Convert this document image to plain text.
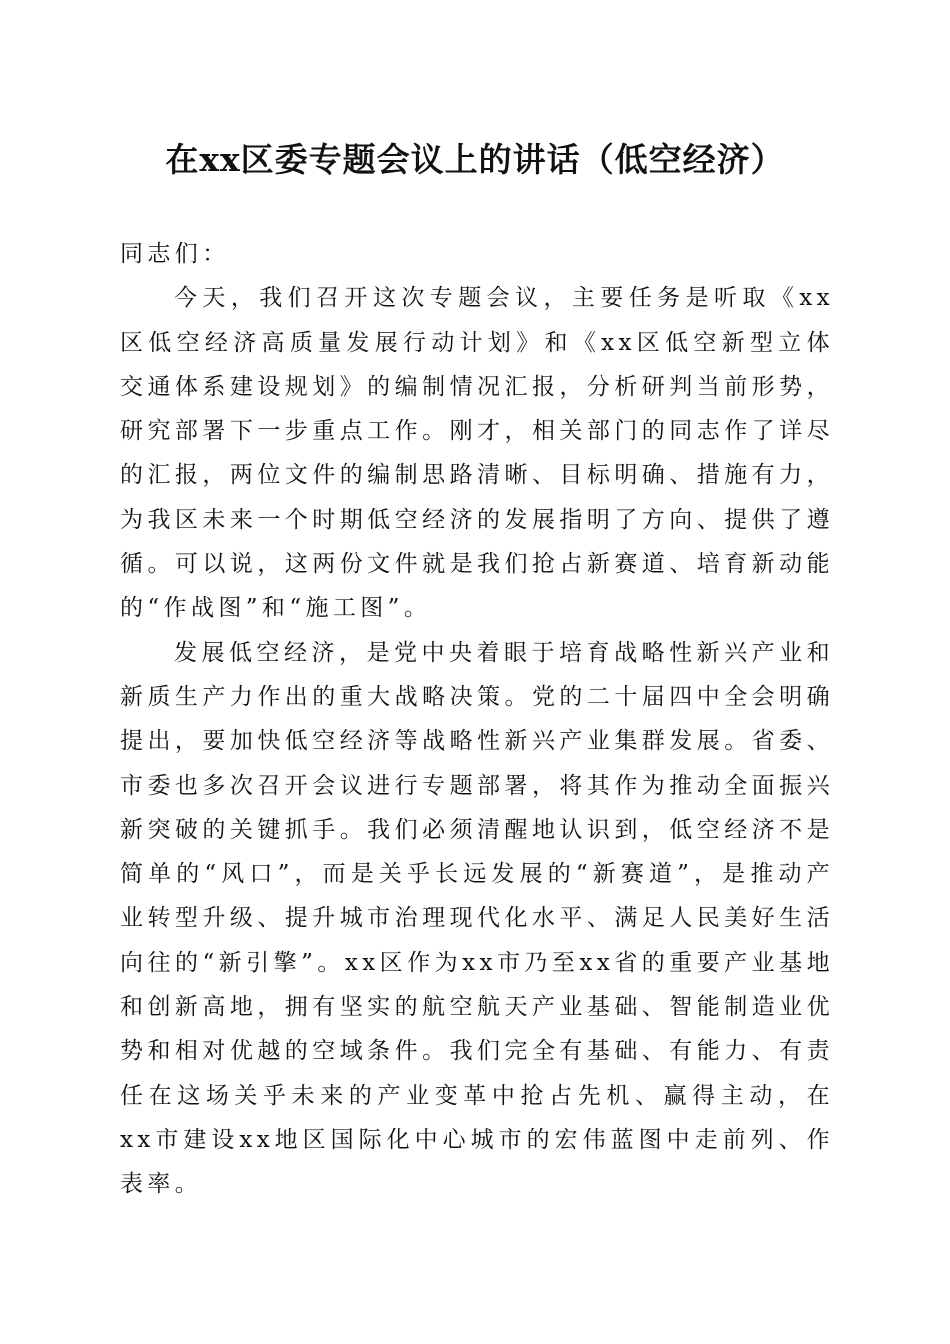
在xx区委专题会议上的讲话（低空经济）

同志们：

今天，我们召开这次专题会议，主要任务是听取《xx区低空经济高质量发展行动计划》和《xx区低空新型立体交通体系建设规划》的编制情况汇报，分析研判当前形势，研究部署下一步重点工作。刚才，相关部门的同志作了详尽的汇报，两位文件的编制思路清晰、目标明确、措施有力，为我区未来一个时期低空经济的发展指明了方向、提供了遵循。可以说，这两份文件就是我们抢占新赛道、培育新动能的“作战图”和“施工图”。

发展低空经济，是党中央着眼于培育战略性新兴产业和新质生产力作出的重大战略决策。党的二十届四中全会明确提出，要加快低空经济等战略性新兴产业集群发展。省委、市委也多次召开会议进行专题部署，将其作为推动全面振兴新突破的关键抓手。我们必须清醒地认识到，低空经济不是简单的“风口”，而是关乎长远发展的“新赛道”，是推动产业转型升级、提升城市治理现代化水平、满足人民美好生活向往的“新引擎”。xx区作为xx市乃至xx省的重要产业基地和创新高地，拥有坚实的航空航天产业基础、智能制造业优势和相对优越的空域条件。我们完全有基础、有能力、有责任在这场关乎未来的产业变革中抢占先机、赢得主动，在xx市建设xx地区国际化中心城市的宏伟蓝图中走前列、作表率。
